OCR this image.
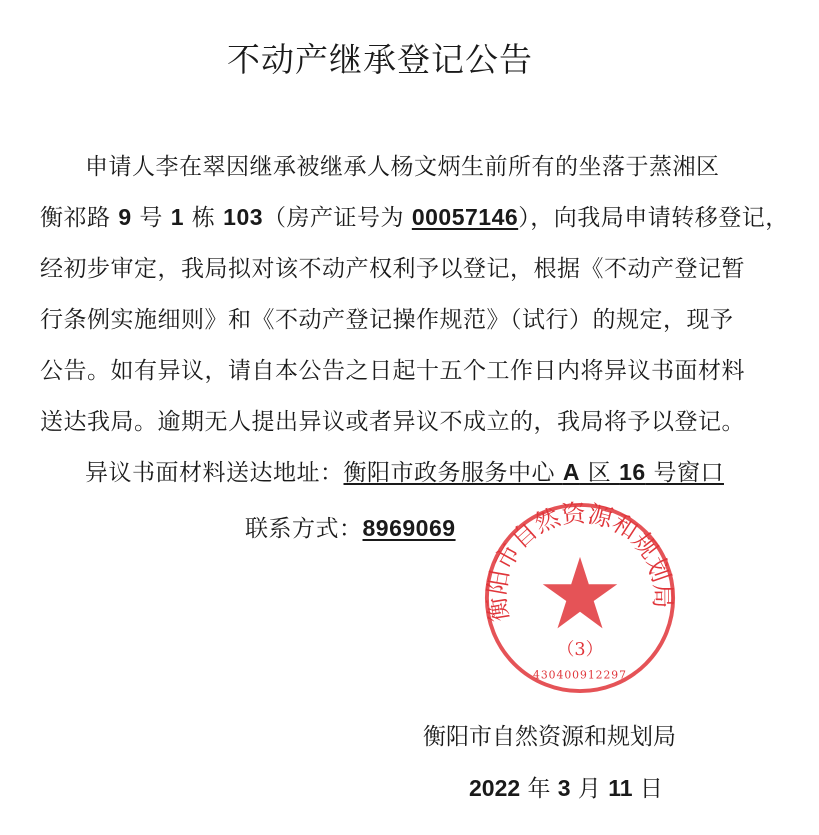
不动产继承登记公告
申请人李在翠因继承被继承人杨文炳生前所有的坐落于蒸湘区
衡祁路 9 号 1 栋 103（房产证号为 00057146），向我局申请转移登记，
经初步审定，我局拟对该不动产权利予以登记，根据《不动产登记暂
行条例实施细则》和《不动产登记操作规范》（试行）的规定，现予
公告。如有异议，请自本公告之日起十五个工作日内将异议书面材料
送达我局。逾期无人提出异议或者异议不成立的，我局将予以登记。
异议书面材料送达地址：衡阳市政务服务中心 A 区 16 号窗口
联系方式：8969069
衡阳市自然资源和规划局
（3）
430400912297
衡阳市自然资源和规划局
2022 年 3 月 11 日
